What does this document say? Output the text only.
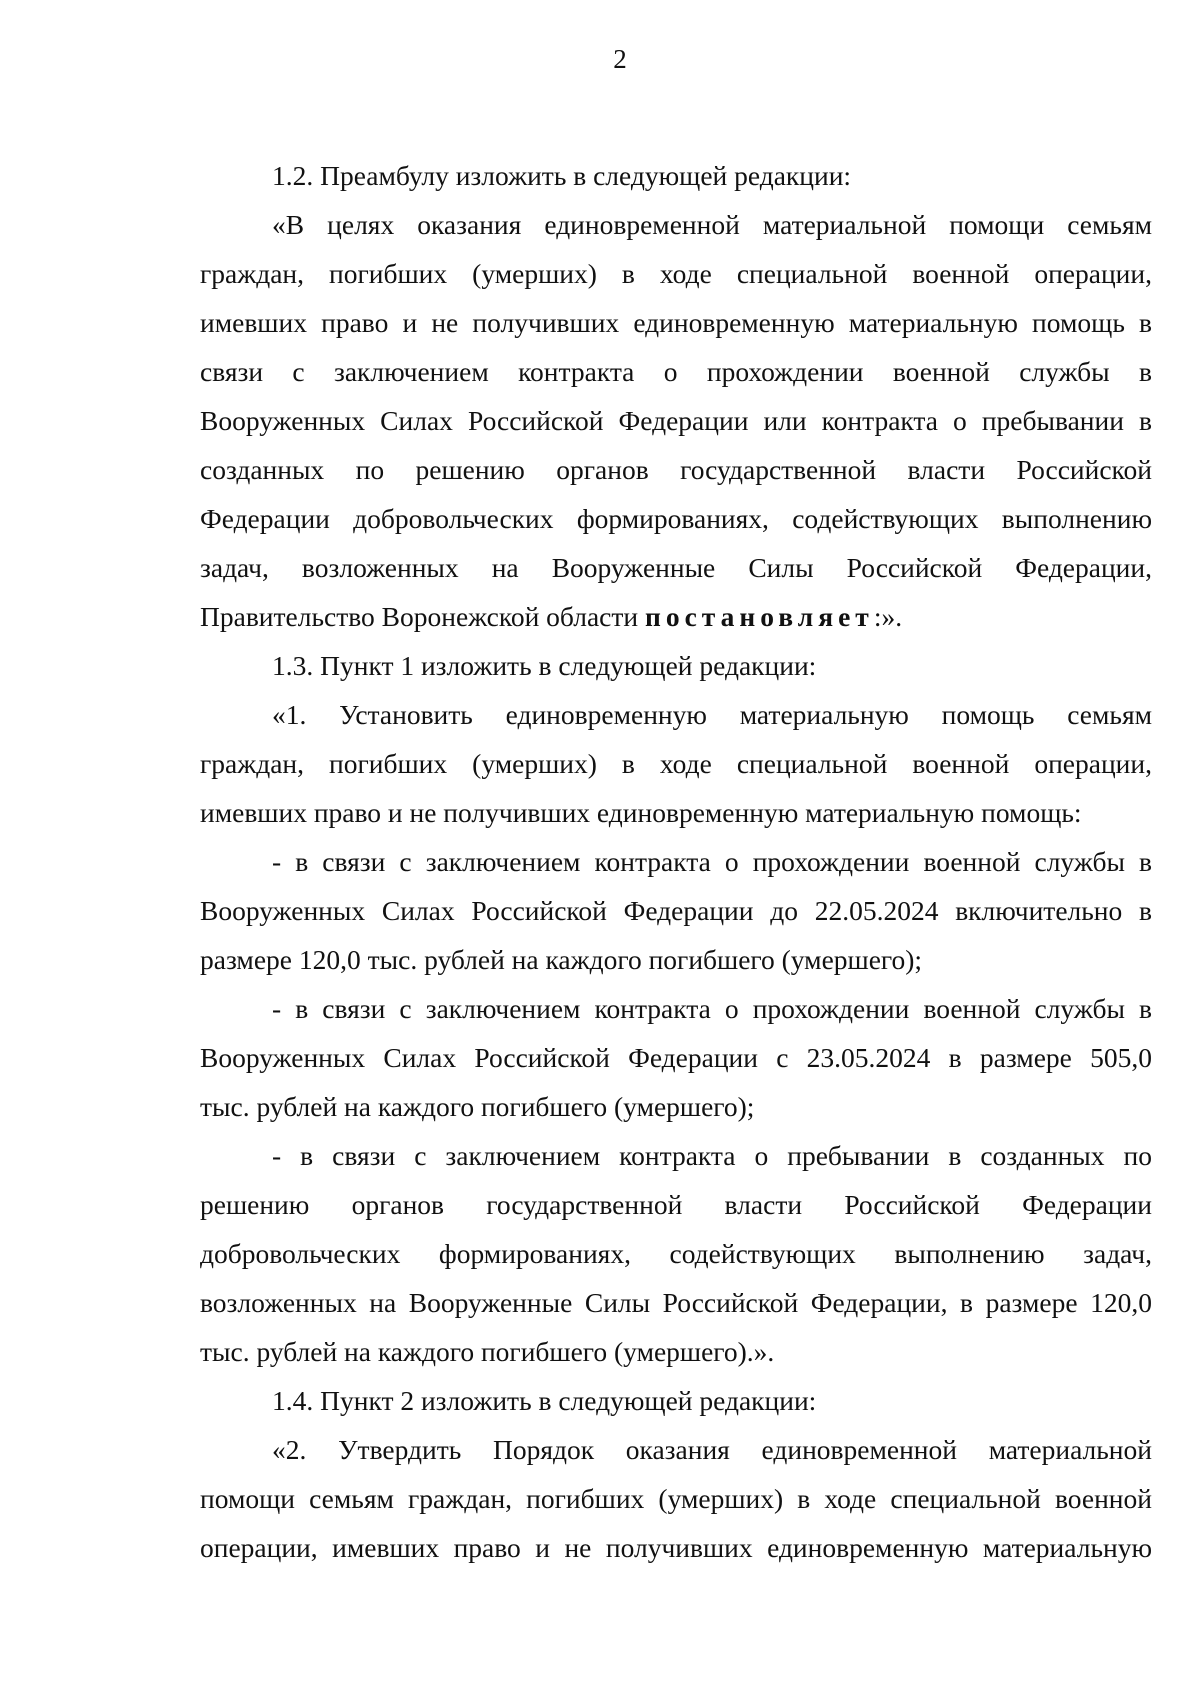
2
1.2. Преамбулу изложить в следующей редакции:
«В целях оказания единовременной материальной помощи семьям
граждан, погибших (умерших) в ходе специальной военной операции,
имевших право и не получивших единовременную материальную помощь в
связи с заключением контракта о прохождении военной службы в
Вооруженных Силах Российской Федерации или контракта о пребывании в
созданных по решению органов государственной власти Российской
Федерации добровольческих формированиях, содействующих выполнению
задач, возложенных на Вооруженные Силы Российской Федерации,
Правительство Воронежской области постановляет:».
1.3. Пункт 1 изложить в следующей редакции:
«1. Установить единовременную материальную помощь семьям
граждан, погибших (умерших) в ходе специальной военной операции,
имевших право и не получивших единовременную материальную помощь:
- в связи с заключением контракта о прохождении военной службы в
Вооруженных Силах Российской Федерации до 22.05.2024 включительно в
размере 120,0 тыс. рублей на каждого погибшего (умершего);
- в связи с заключением контракта о прохождении военной службы в
Вооруженных Силах Российской Федерации с 23.05.2024 в размере 505,0
тыс. рублей на каждого погибшего (умершего);
- в связи с заключением контракта о пребывании в созданных по
решению органов государственной власти Российской Федерации
добровольческих формированиях, содействующих выполнению задач,
возложенных на Вооруженные Силы Российской Федерации, в размере 120,0
тыс. рублей на каждого погибшего (умершего).».
1.4. Пункт 2 изложить в следующей редакции:
«2. Утвердить Порядок оказания единовременной материальной
помощи семьям граждан, погибших (умерших) в ходе специальной военной
операции, имевших право и не получивших единовременную материальную
